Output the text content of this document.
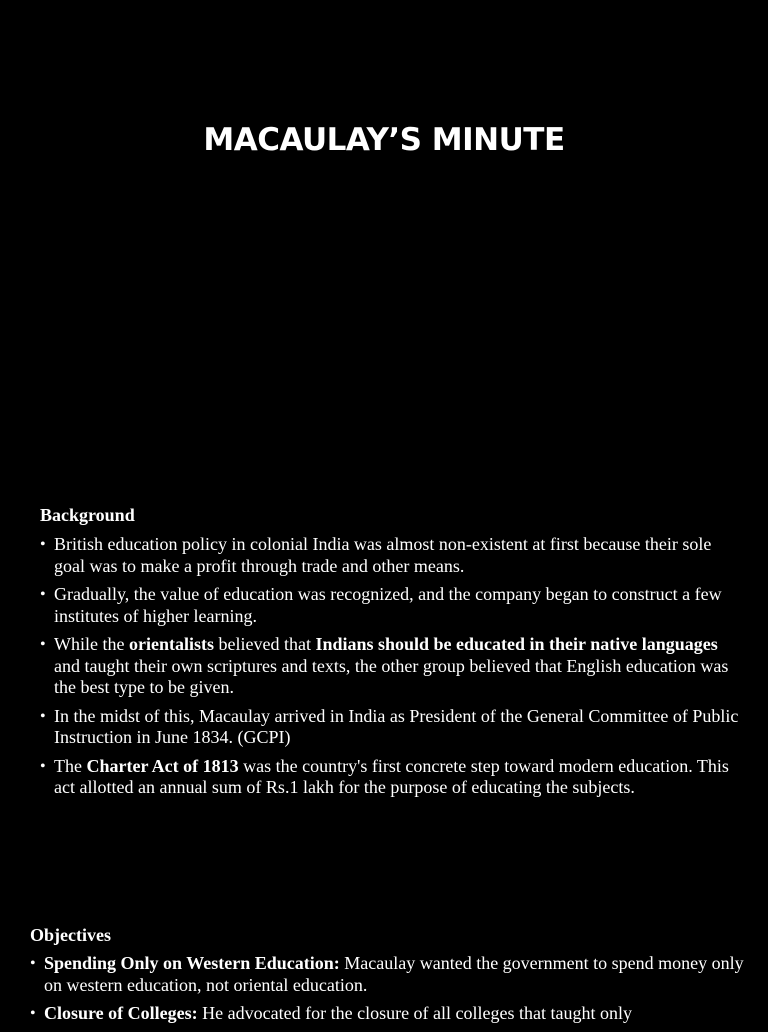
MACAULAY’S MINUTE

Background

• British education policy in colonial India was almost non-existent at first because their sole goal was to make a profit through trade and other means.
• Gradually, the value of education was recognized, and the company began to construct a few institutes of higher learning.
• While the orientalists believed that Indians should be educated in their native languages and taught their own scriptures and texts, the other group believed that English education was the best type to be given.
• In the midst of this, Macaulay arrived in India as President of the General Committee of Public Instruction in June 1834. (GCPI)
• The Charter Act of 1813 was the country's first concrete step toward modern education. This act allotted an annual sum of Rs.1 lakh for the purpose of educating the subjects.

Objectives

• Spending Only on Western Education: Macaulay wanted the government to spend money only on western education, not oriental education.
• Closure of Colleges: He advocated for the closure of all colleges that taught only
